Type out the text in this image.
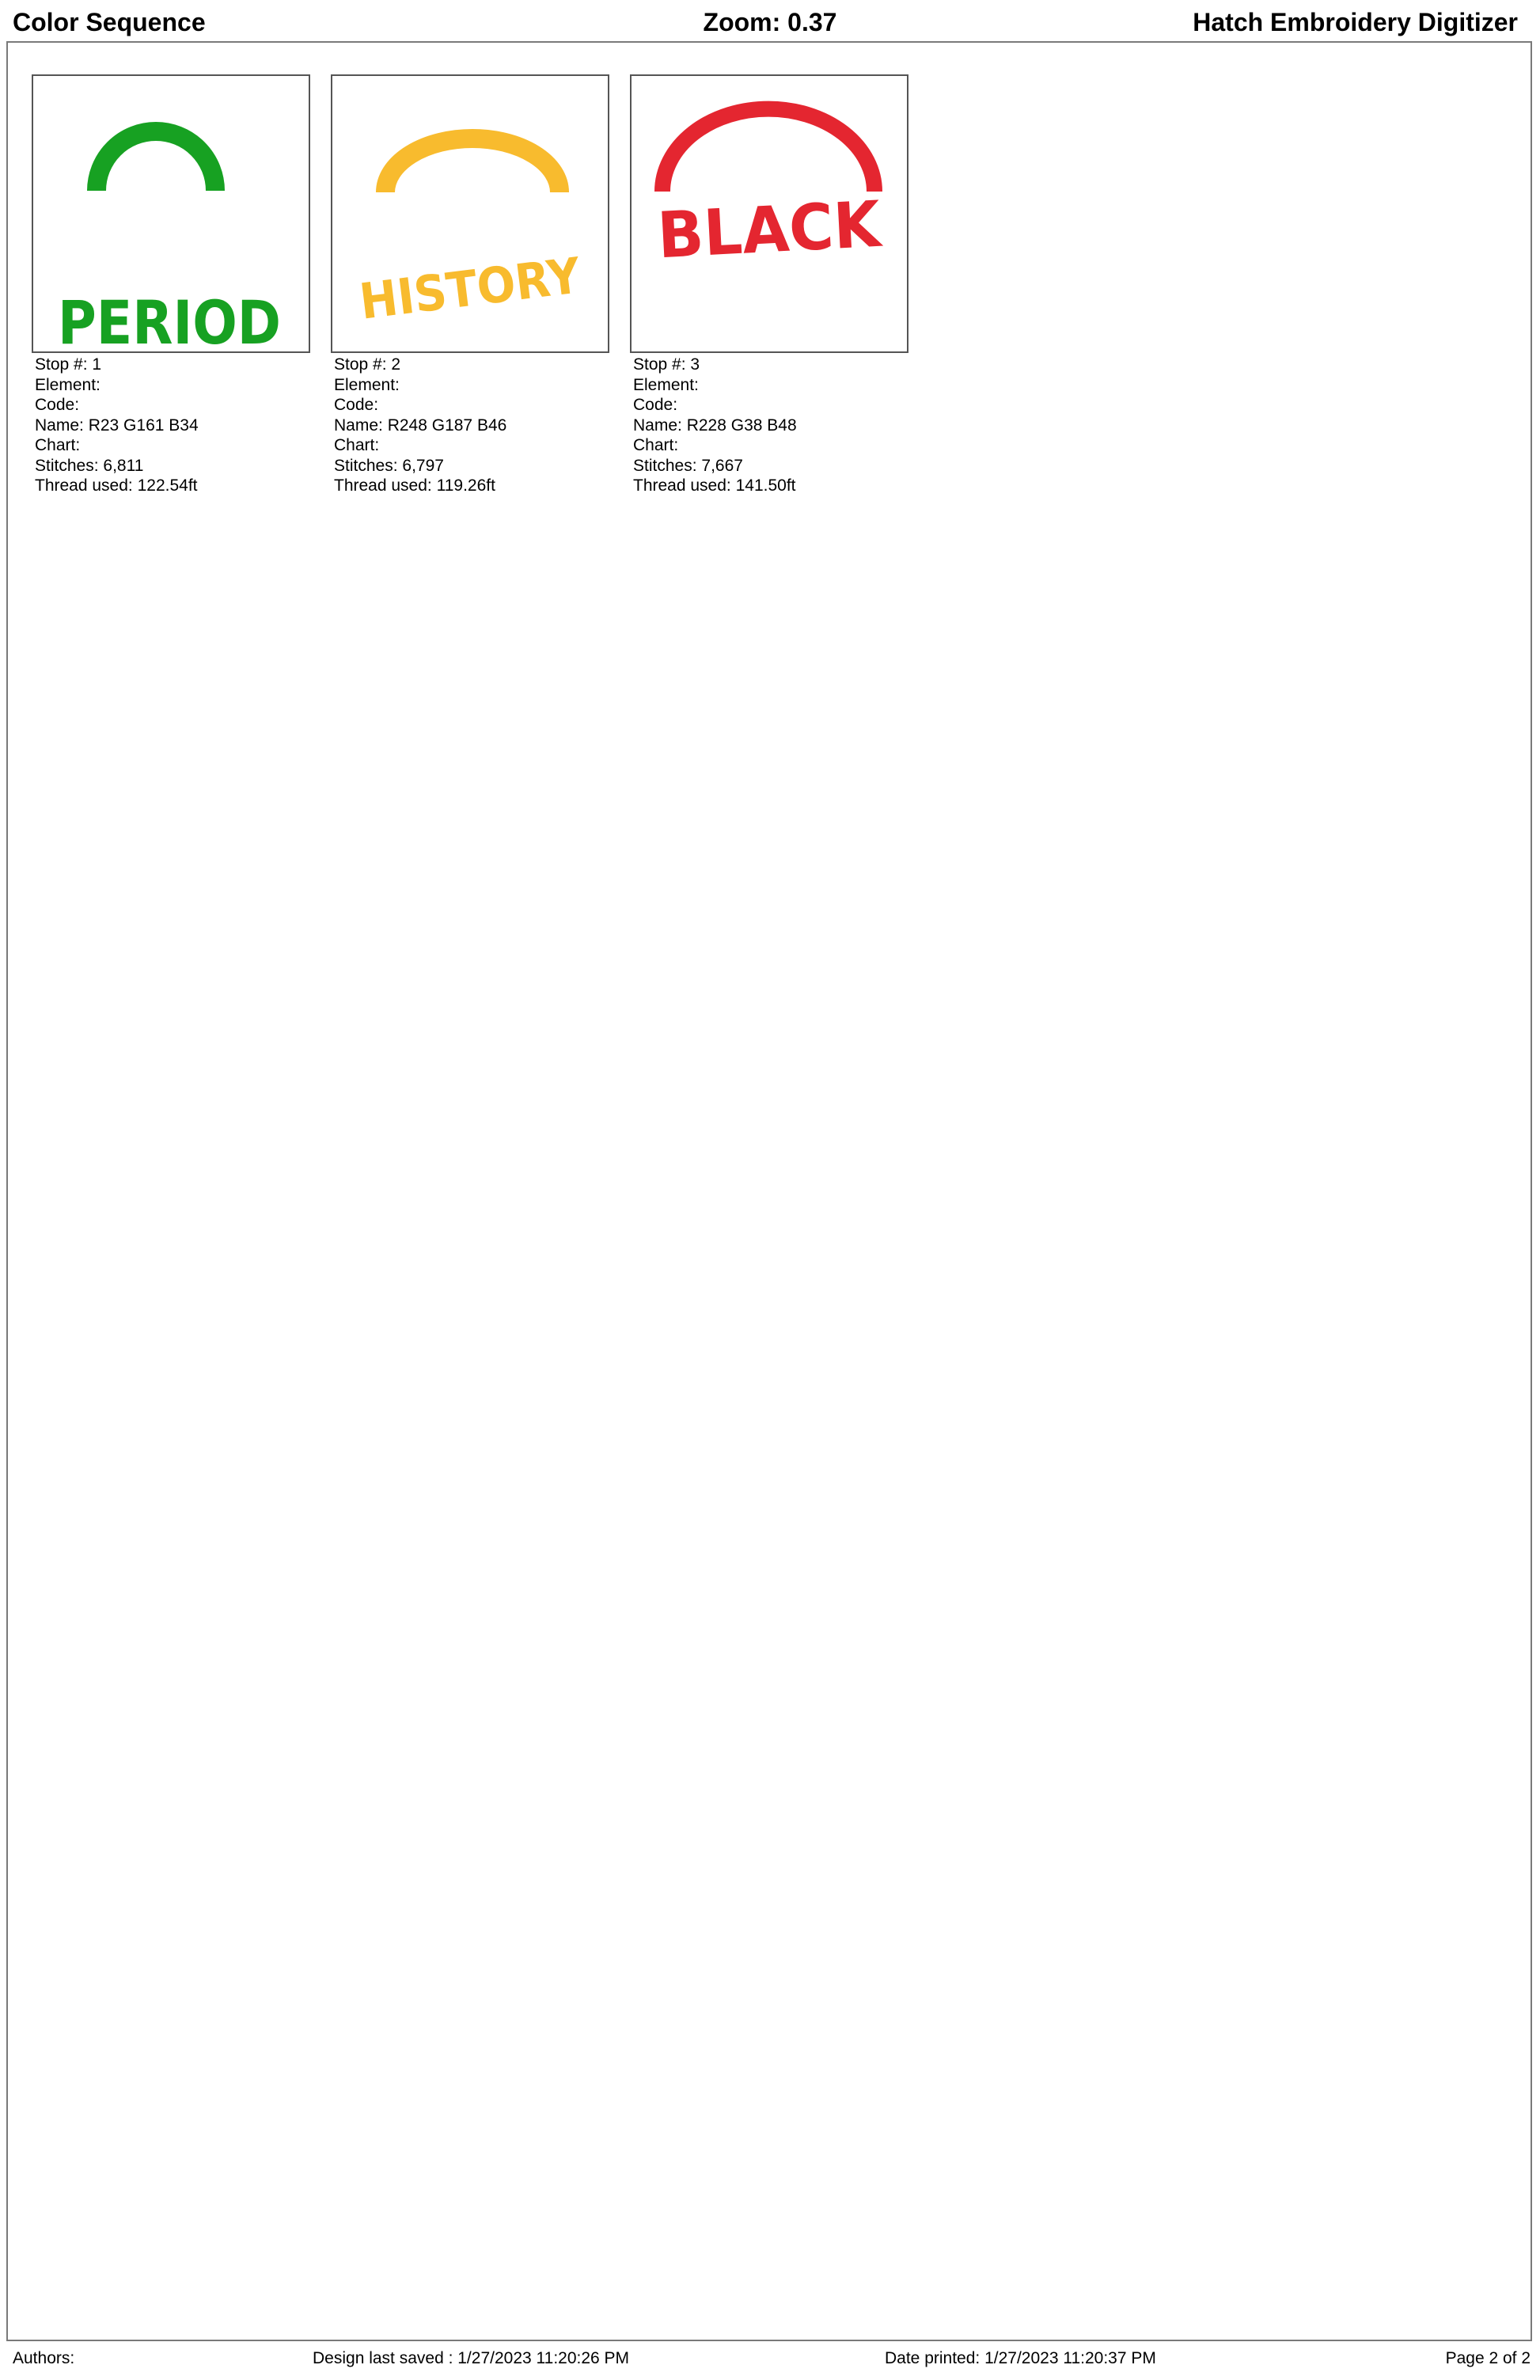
Color Sequence	Zoom: 0.37	Hatch Embroidery Digitizer
PERIOD
Stop #: 1
Element:
Code:
Name: R23 G161 B34
Chart:
Stitches: 6,811
Thread used: 122.54ft
HISTORY
Stop #: 2
Element:
Code:
Name: R248 G187 B46
Chart:
Stitches: 6,797
Thread used: 119.26ft
BLACK
Stop #: 3
Element:
Code:
Name: R228 G38 B48
Chart:
Stitches: 7,667
Thread used: 141.50ft
Authors:	Design last saved : 1/27/2023 11:20:26 PM	Date printed: 1/27/2023 11:20:37 PM	Page 2 of 2
